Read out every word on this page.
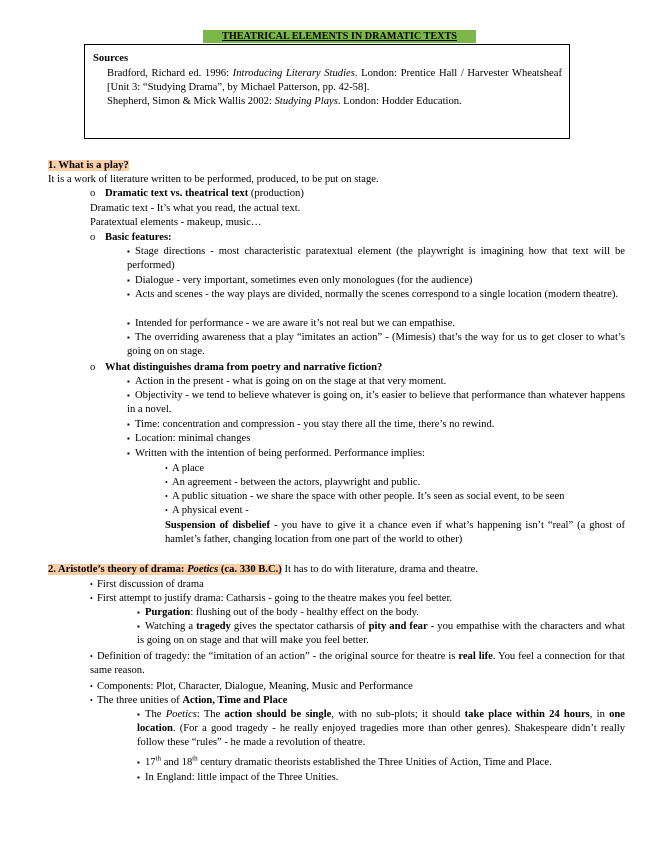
THEATRICAL ELEMENTS IN DRAMATIC TEXTS
Sources
Bradford, Richard ed. 1996: Introducing Literary Studies. London: Prentice Hall / Harvester Wheatsheaf [Unit 3: “Studying Drama”, by Michael Patterson, pp. 42-58].
Shepherd, Simon & Mick Wallis 2002: Studying Plays. London: Hodder Education.
1. What is a play?
It is a work of literature written to be performed, produced, to be put on stage.
o Dramatic text vs. theatrical text (production)
Dramatic text - It’s what you read, the actual text.
Paratextual elements - makeup, music…
o Basic features:
▪ Stage directions - most characteristic paratextual element (the playwright is imagining how that text will be performed)
▪ Dialogue - very important, sometimes even only monologues (for the audience)
▪ Acts and scenes - the way plays are divided, normally the scenes correspond to a single location (modern theatre).
▪ Intended for performance - we are aware it’s not real but we can empathise.
▪ The overriding awareness that a play “imitates an action” - (Mimesis) that’s the way for us to get closer to what’s going on on stage.
o What distinguishes drama from poetry and narrative fiction?
▪ Action in the present - what is going on on the stage at that very moment.
▪ Objectivity - we tend to believe whatever is going on, it’s easier to believe that performance than whatever happens in a novel.
▪ Time: concentration and compression - you stay there all the time, there’s no rewind.
▪ Location: minimal changes
▪ Written with the intention of being performed. Performance implies:
• A place
• An agreement - between the actors, playwright and public.
• A public situation - we share the space with other people. It’s seen as social event, to be seen
• A physical event -
Suspension of disbelief - you have to give it a chance even if what’s happening isn’t “real” (a ghost of hamlet’s father, changing location from one part of the world to other)
2. Aristotle’s theory of drama: Poetics (ca. 330 B.C.) It has to do with literature, drama and theatre.
• First discussion of drama
• First attempt to justify drama: Catharsis - going to the theatre makes you feel better.
▪ Purgation: flushing out of the body - healthy effect on the body.
▪ Watching a tragedy gives the spectator catharsis of pity and fear - you empathise with the characters and what is going on on stage and that will make you feel better.
• Definition of tragedy: the “imitation of an action” - the original source for theatre is real life. You feel a connection for that same reason.
• Components: Plot, Character, Dialogue, Meaning, Music and Performance
• The three unities of Action, Time and Place
▪ The Poetics: The action should be single, with no sub-plots; it should take place within 24 hours, in one location. (For a good tragedy - he really enjoyed tragedies more than other genres). Shakespeare didn’t really follow these “rules” - he made a revolution of theatre.
▪ 17th and 18th century dramatic theorists established the Three Unities of Action, Time and Place.
▪ In England: little impact of the Three Unities.
